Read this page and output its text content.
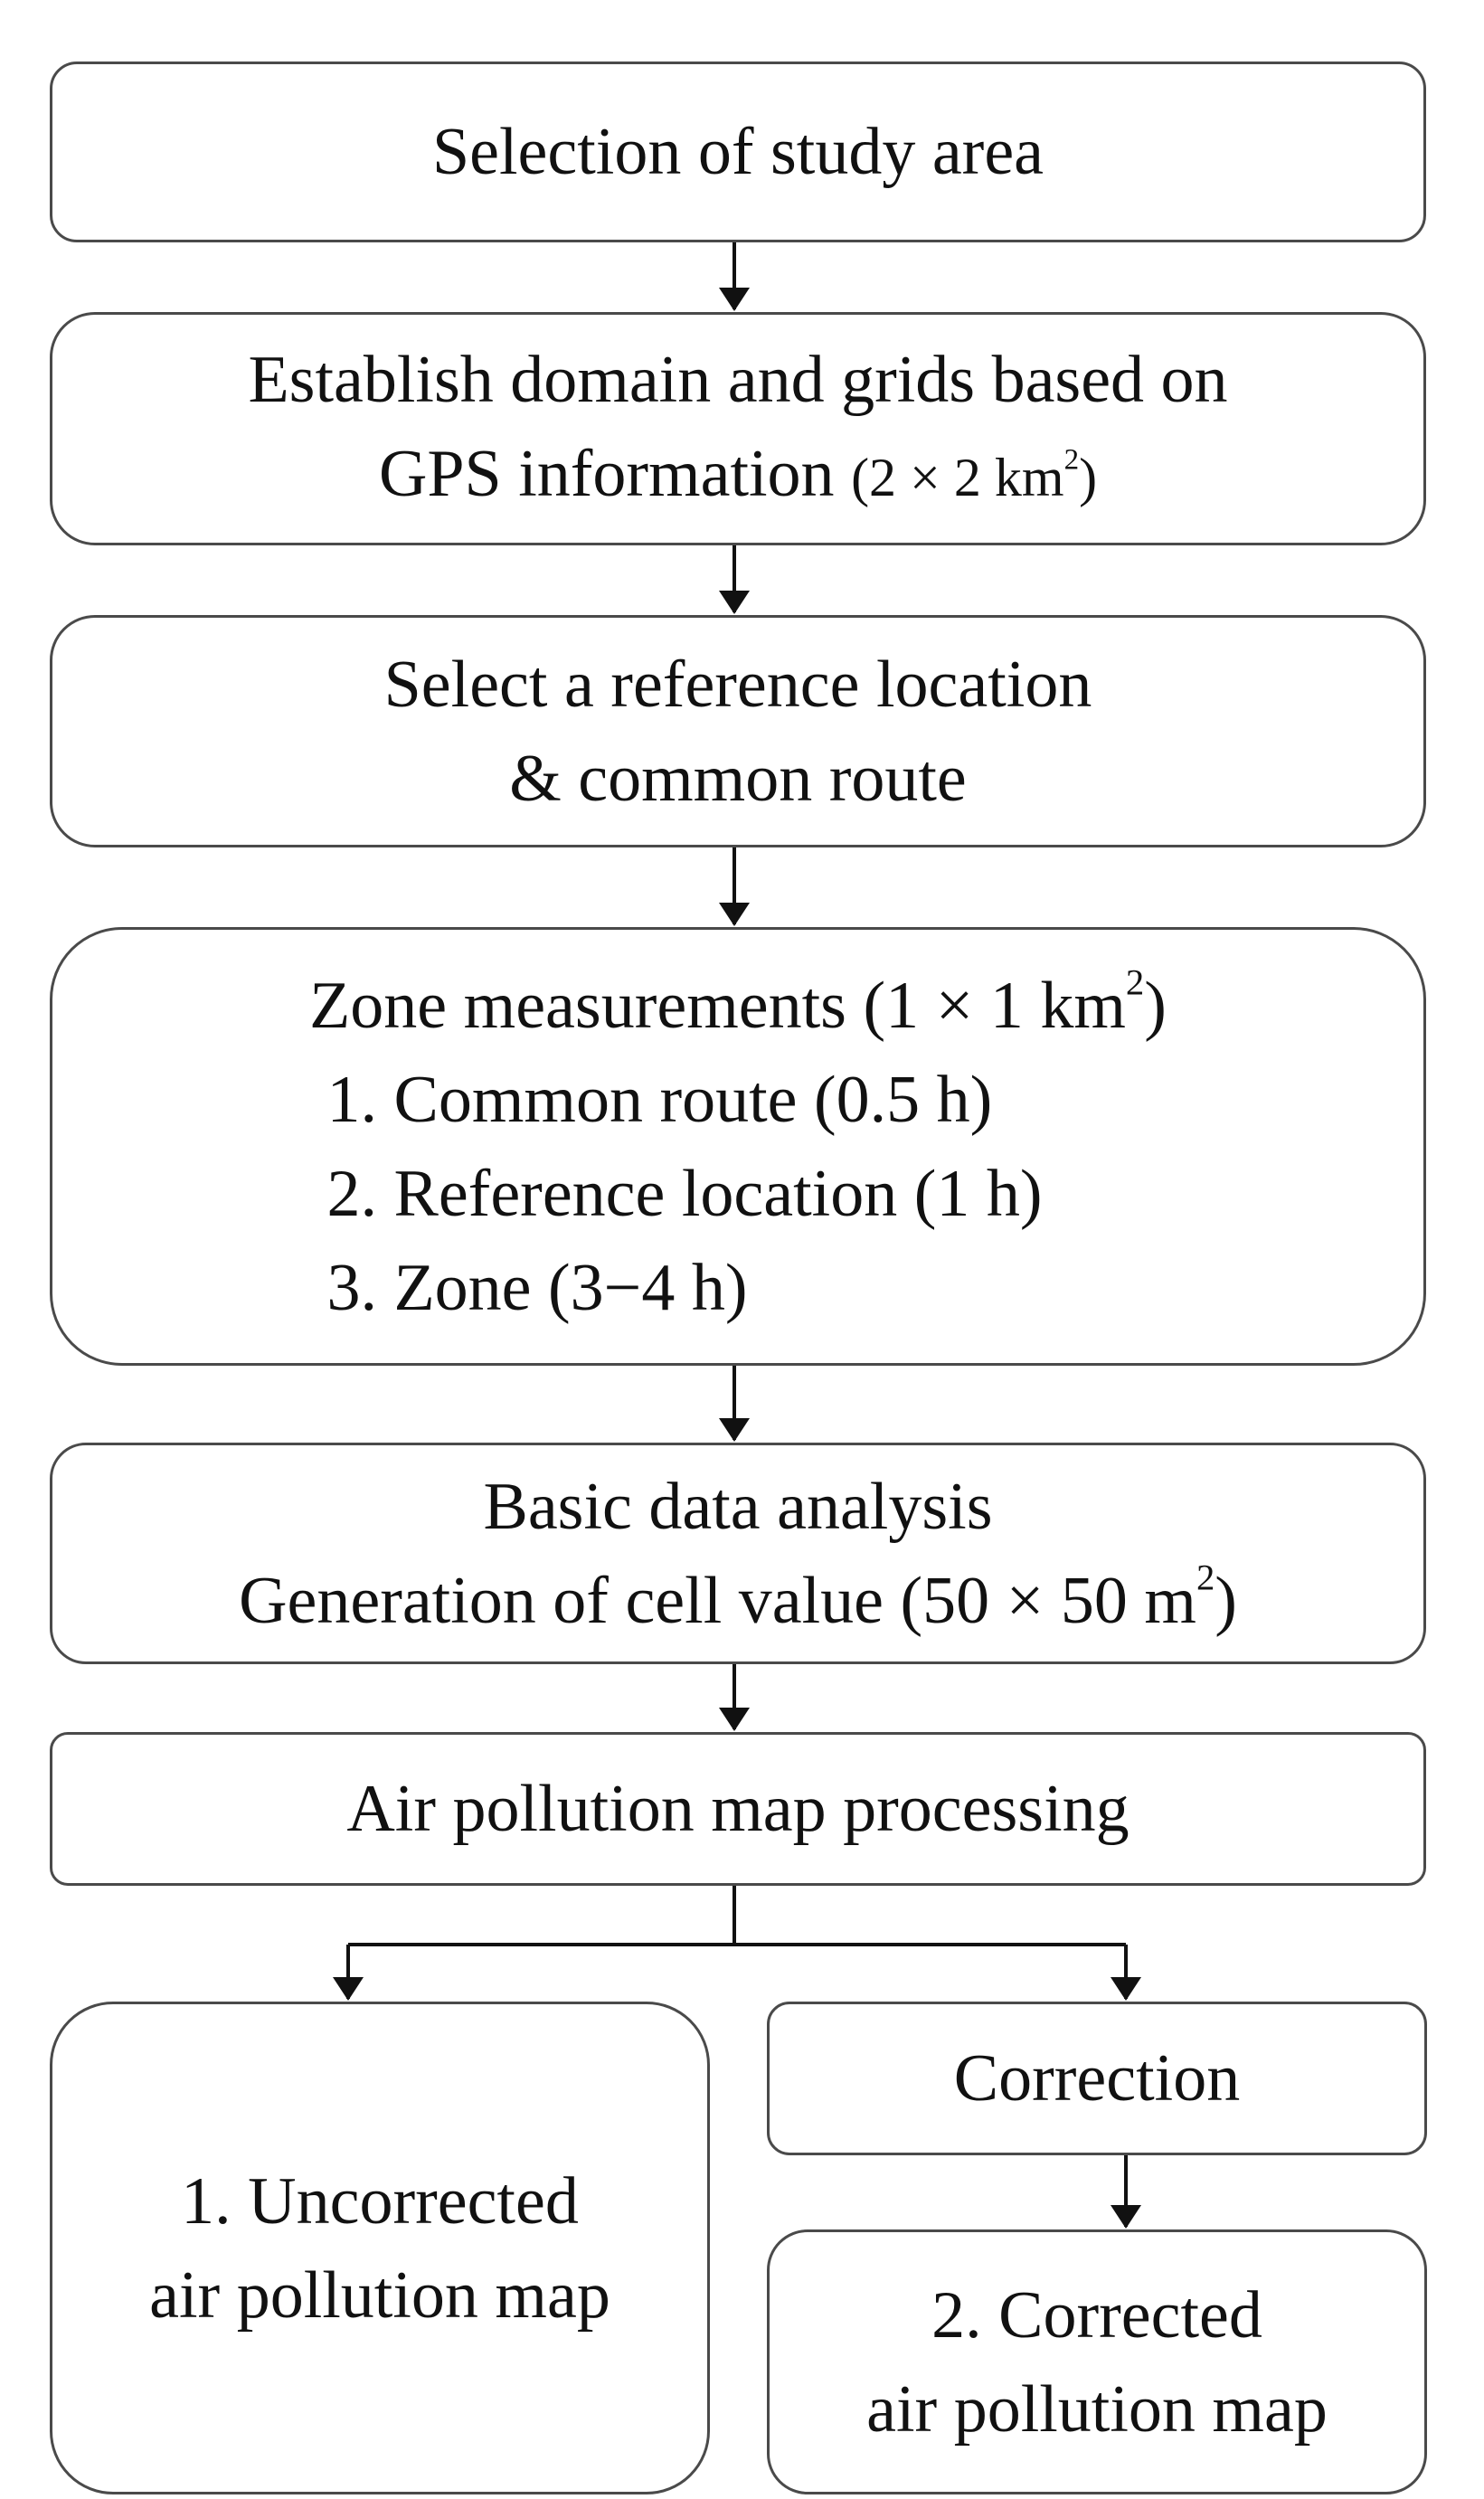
Selection of study area
Establish domain and grids based on
GPS information (2 × 2 $km^2$)
Select a reference location
& common route
Zone measurements (1 × 1 $km^2$)
1. Common route (0.5 h)
2. Reference location (1 h)
3. Zone (3−4 h)
Basic data analysis
Generation of cell value (50 × 50 $m^2$)
Air pollution map processing
1. Uncorrected
air pollution map
Correction
2. Corrected
air pollution map
